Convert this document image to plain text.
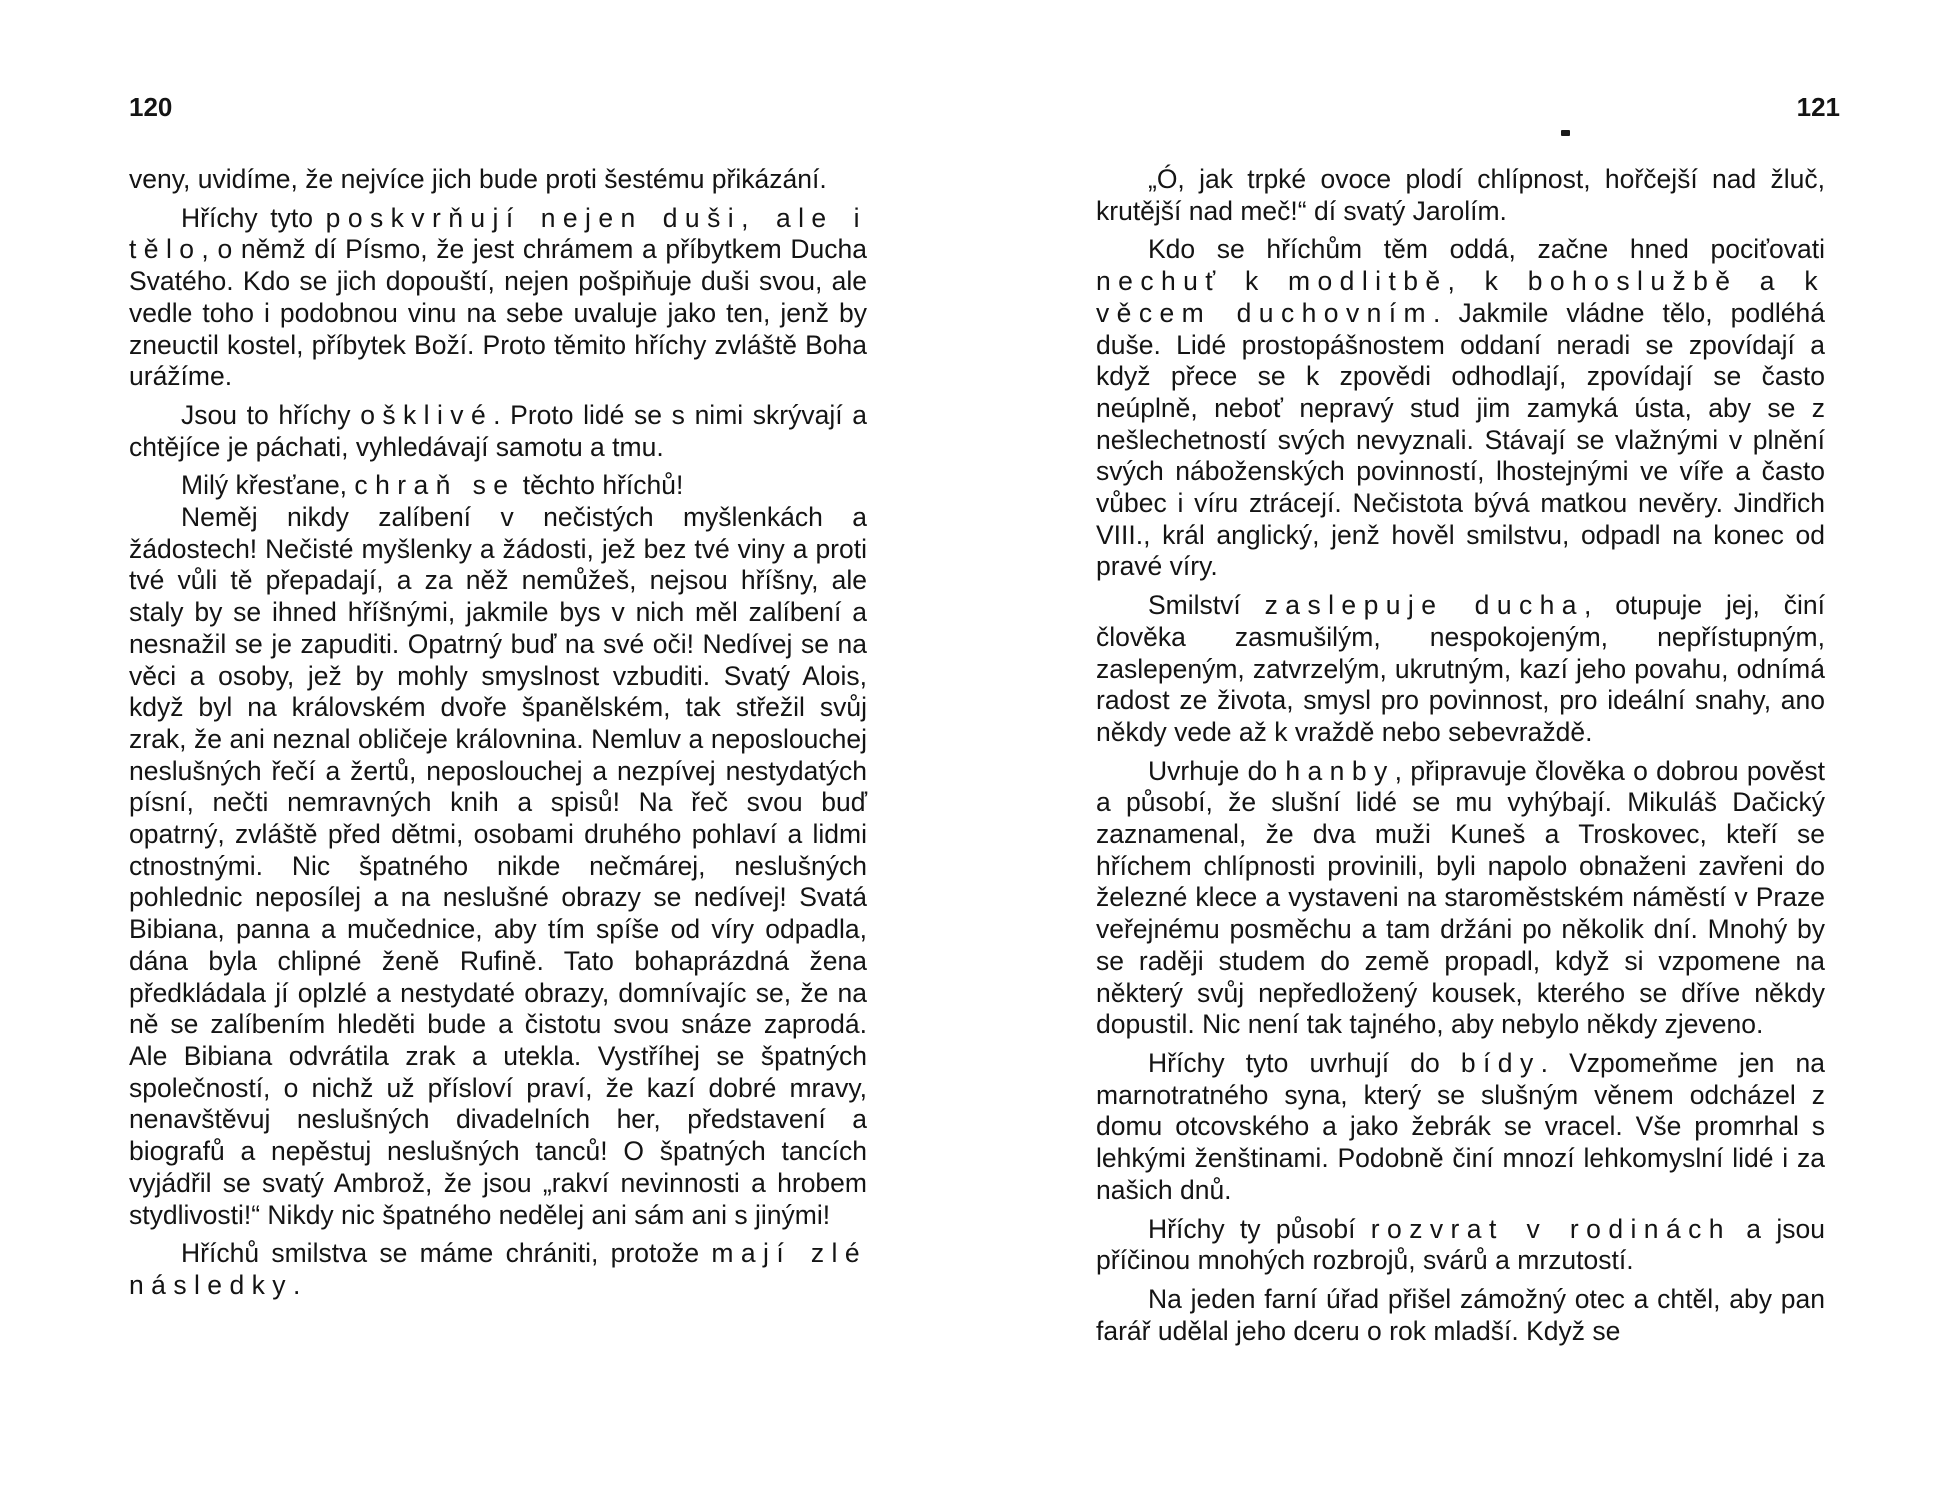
120

veny, uvidíme, že nejvíce jich bude proti šestému přikázání.

Hříchy tyto poskvrňují nejen duši, ale i tělo, o němž dí Písmo, že jest chrámem a příbytkem Ducha Svatého. Kdo se jich dopouští, nejen pošpiňuje duši svou, ale vedle toho i podobnou vinu na sebe uvaluje jako ten, jenž by zneuctil kostel, příbytek Boží. Proto těmito hříchy zvláště Boha urážíme.

Jsou to hříchy ošklivé. Proto lidé se s nimi skrývají a chtějíce je páchati, vyhledávají samotu a tmu.

Milý křesťane, chraň se těchto hříchů!

Neměj nikdy zalíbení v nečistých myšlenkách a žádostech! Nečisté myšlenky a žádosti, jež bez tvé viny a proti tvé vůli tě přepadají, a za něž nemůžeš, nejsou hříšny, ale staly by se ihned hříšnými, jakmile bys v nich měl zalíbení a nesnažil se je zapuditi. Opatrný buď na své oči! Nedívej se na věci a osoby, jež by mohly smyslnost vzbuditi. Svatý Alois, když byl na královském dvoře španělském, tak střežil svůj zrak, že ani neznal obličeje královnina. Nemluv a neposlouchej neslušných řečí a žertů, neposlouchej a nezpívej nestydatých písní, nečti nemravných knih a spisů! Na řeč svou buď opatrný, zvláště před dětmi, osobami druhého pohlaví a lidmi ctnostnými. Nic špatného nikde nečmárej, neslušných pohlednic neposílej a na neslušné obrazy se nedívej! Svatá Bibiana, panna a mučednice, aby tím spíše od víry odpadla, dána byla chlipné ženě Rufině. Tato bohaprázdná žena předkládala jí oplzlé a nestydaté obrazy, domnívajíc se, že na ně se zalíbením hleděti bude a čistotu svou snáze zaprodá. Ale Bibiana odvrátila zrak a utekla. Vystříhej se špatných společností, o nichž už přísloví praví, že kazí dobré mravy, nenavštěvuj neslušných divadelních her, představení a biografů a nepěstuj neslušných tanců! O špatných tancích vyjádřil se svatý Ambrož, že jsou „rakví nevinnosti a hrobem stydlivosti!“ Nikdy nic špatného nedělej ani sám ani s jinými!

Hříchů smilstva se máme chrániti, protože mají zlé následky.

121

„Ó, jak trpké ovoce plodí chlípnost, hořčejší nad žluč, krutější nad meč!“ dí svatý Jarolím.

Kdo se hříchům těm oddá, začne hned pociťovati nechuť k modlitbě, k bohoslužbě a k věcem duchovním. Jakmile vládne tělo, podléhá duše. Lidé prostopášnostem oddaní neradi se zpovídají a když přece se k zpovědi odhodlají, zpovídají se často neúplně, neboť nepravý stud jim zamyká ústa, aby se z nešlechetností svých nevyznali. Stávají se vlažnými v plnění svých náboženských povinností, lhostejnými ve víře a často vůbec i víru ztrácejí. Nečistota bývá matkou nevěry. Jindřich VIII., král anglický, jenž hověl smilstvu, odpadl na konec od pravé víry.

Smilství zaslepuje ducha, otupuje jej, činí člověka zasmušilým, nespokojeným, nepřístupným, zaslepeným, zatvrzelým, ukrutným, kazí jeho povahu, odnímá radost ze života, smysl pro povinnost, pro ideální snahy, ano někdy vede až k vraždě nebo sebevraždě.

Uvrhuje do hanby, připravuje člověka o dobrou pověst a působí, že slušní lidé se mu vyhýbají. Mikuláš Dačický zaznamenal, že dva muži Kuneš a Troskovec, kteří se hříchem chlípnosti provinili, byli napolo obnaženi zavřeni do železné klece a vystaveni na staroměstském náměstí v Praze veřejnému posměchu a tam držáni po několik dní. Mnohý by se raději studem do země propadl, když si vzpomene na některý svůj nepředložený kousek, kterého se dříve někdy dopustil. Nic není tak tajného, aby nebylo někdy zjeveno.

Hříchy tyto uvrhují do bídy. Vzpomeňme jen na marnotratného syna, který se slušným věnem odcházel z domu otcovského a jako žebrák se vracel. Vše promrhal s lehkými ženštinami. Podobně činí mnozí lehkomyslní lidé i za našich dnů.

Hříchy ty působí rozvrat v rodinách a jsou příčinou mnohých rozbrojů, svárů a mrzutostí.

Na jeden farní úřad přišel zámožný otec a chtěl, aby pan farář udělal jeho dceru o rok mladší. Když se
